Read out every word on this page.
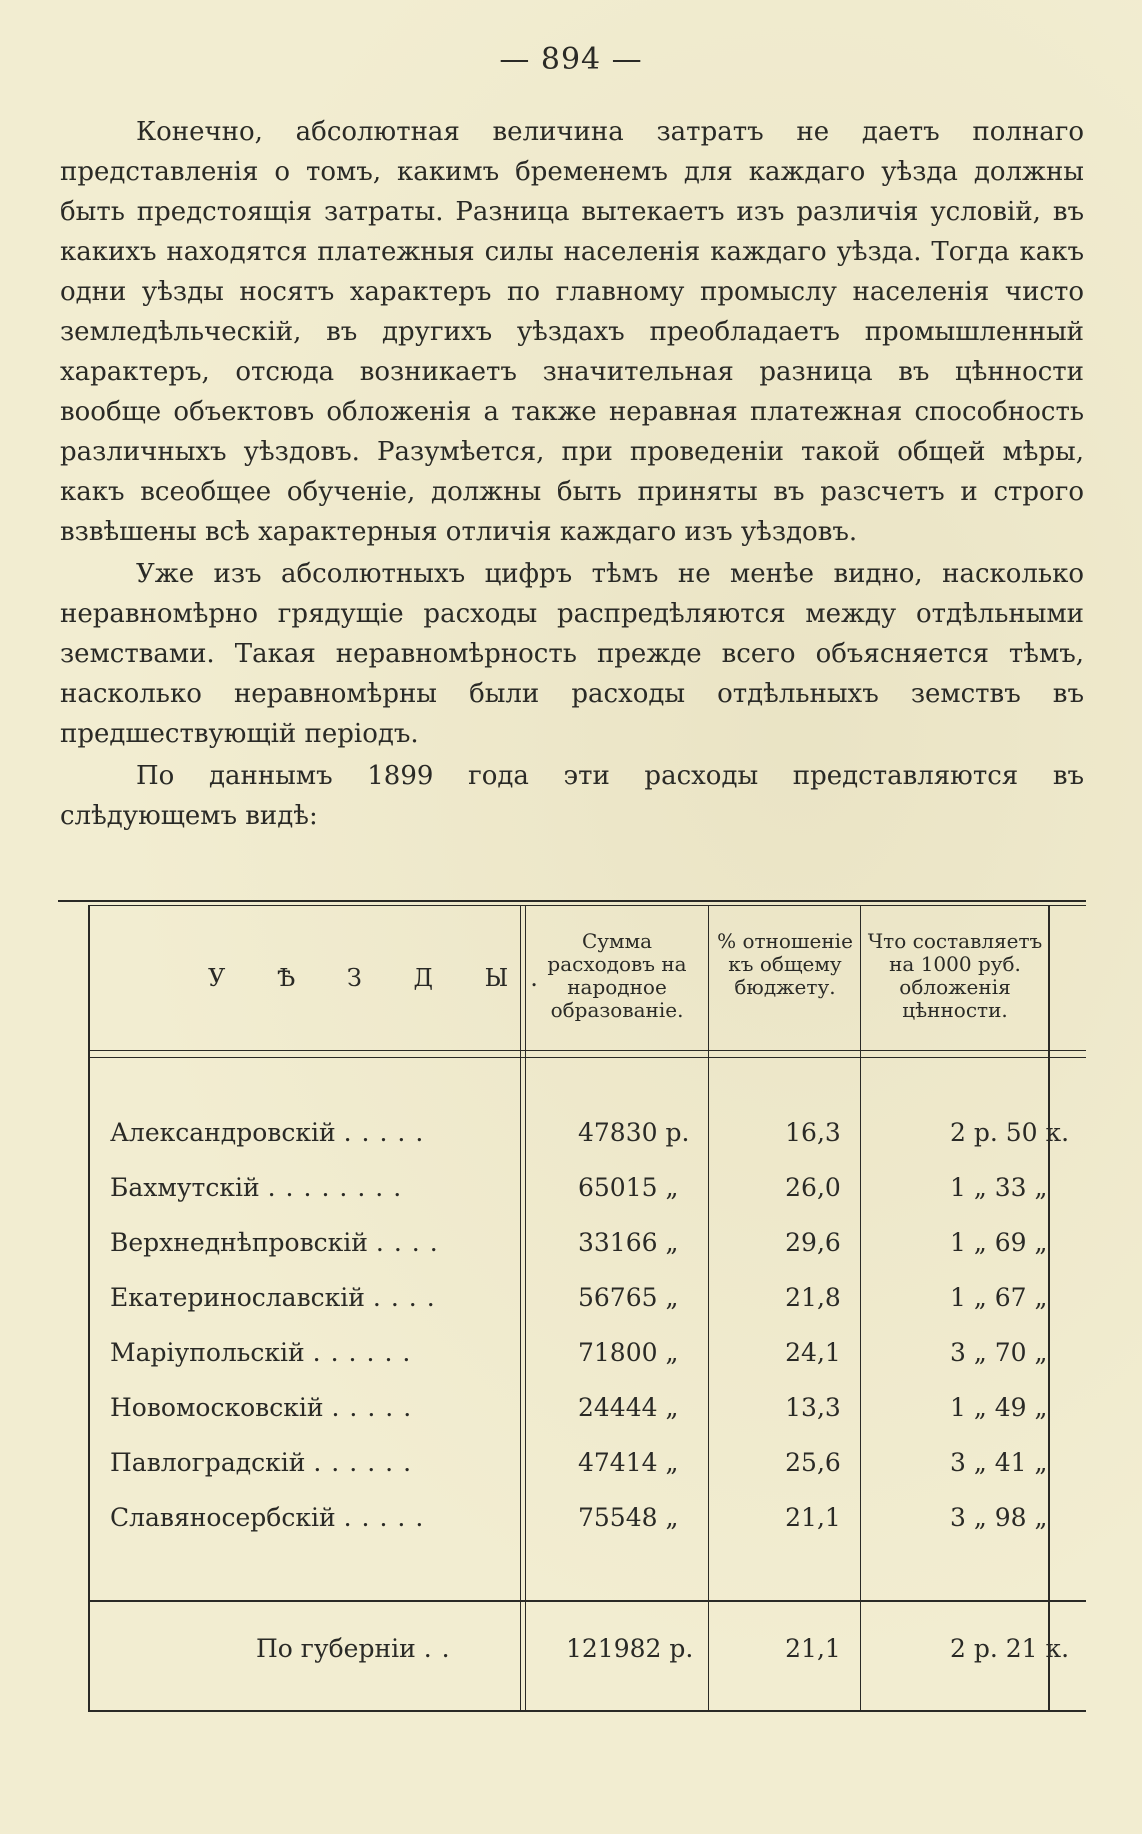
— 894 —

Конечно, абсолютная величина затратъ не даетъ полнаго представленія о томъ, какимъ бременемъ для каждаго уѣзда должны быть предстоящія затраты. Разница вытекаетъ изъ различія условій, въ какихъ находятся платежныя силы населенія каждаго уѣзда. Тогда какъ одни уѣзды носятъ характеръ по главному промыслу населенія чисто земледѣльческій, въ другихъ уѣздахъ преобладаетъ промышленный характеръ, отсюда возникаетъ значительная разница въ цѣнности вообще объектовъ обложенія а также неравная платежная способность различныхъ уѣздовъ. Разумѣется, при проведеніи такой общей мѣры, какъ всеобщее обученіе, должны быть приняты въ разсчетъ и строго взвѣшены всѣ характерныя отличія каждаго изъ уѣздовъ.

Уже изъ абсолютныхъ цифръ тѣмъ не менѣе видно, насколько неравномѣрно грядущіе расходы распредѣляются между отдѣльными земствами. Такая неравномѣрность прежде всего объясняется тѣмъ, насколько неравномѣрны были расходы отдѣльныхъ земствъ въ предшествующій періодъ.

По даннымъ 1899 года эти расходы представляются въ слѣдующемъ видѣ:

У Ѣ З Д Ы.
Сумма расходовъ на народное образованіе.
% отношеніе къ общему бюджету.
Что составляетъ на 1000 руб. обложенія цѣнности.
Александровскій .....	47830 р.	16,3	2 р. 50 к.
Бахмутскій ........	65015 „	26,0	1 „ 33 „
Верхнеднѣпровскій ....	33166 „	29,6	1 „ 69 „
Екатеринославскій ....	56765 „	21,8	1 „ 67 „
Маріупольскій ......	71800 „	24,1	3 „ 70 „
Новомосковскій .....	24444 „	13,3	1 „ 49 „
Павлоградскій ......	47414 „	25,6	3 „ 41 „
Славяносербскій .....	75548 „	21,1	3 „ 98 „
По губерніи ..	121982 р.	21,1	2 р. 21 к.
